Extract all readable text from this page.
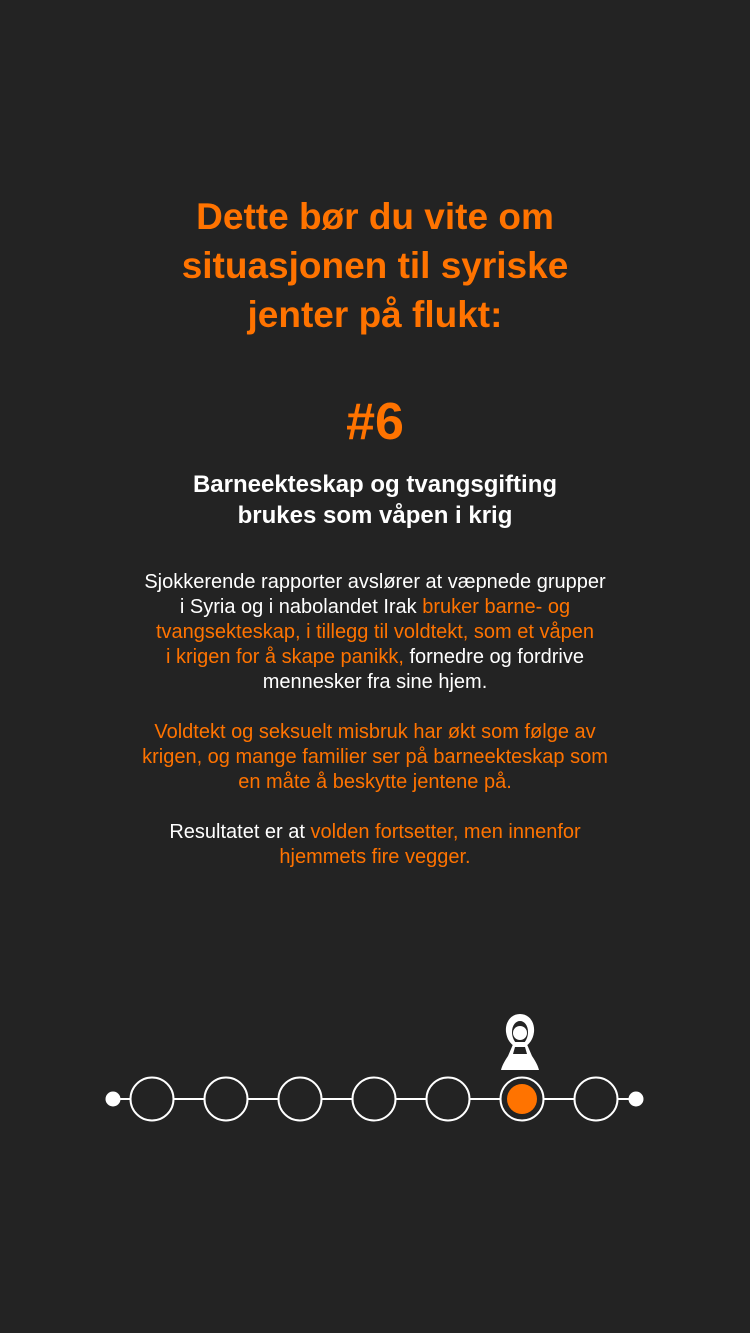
Dette bør du vite om
situasjonen til syriske
jenter på flukt:
#6
Barneekteskap og tvangsgifting
brukes som våpen i krig

Sjokkerende rapporter avslører at væpnede grupper
i Syria og i nabolandet Irak bruker barne- og
tvangsekteskap, i tillegg til voldtekt, som et våpen
i krigen for å skape panikk, fornedre og fordrive
mennesker fra sine hjem.

Voldtekt og seksuelt misbruk har økt som følge av
krigen, og mange familier ser på barneekteskap som
en måte å beskytte jentene på.

Resultatet er at volden fortsetter, men innenfor
hjemmets fire vegger.
